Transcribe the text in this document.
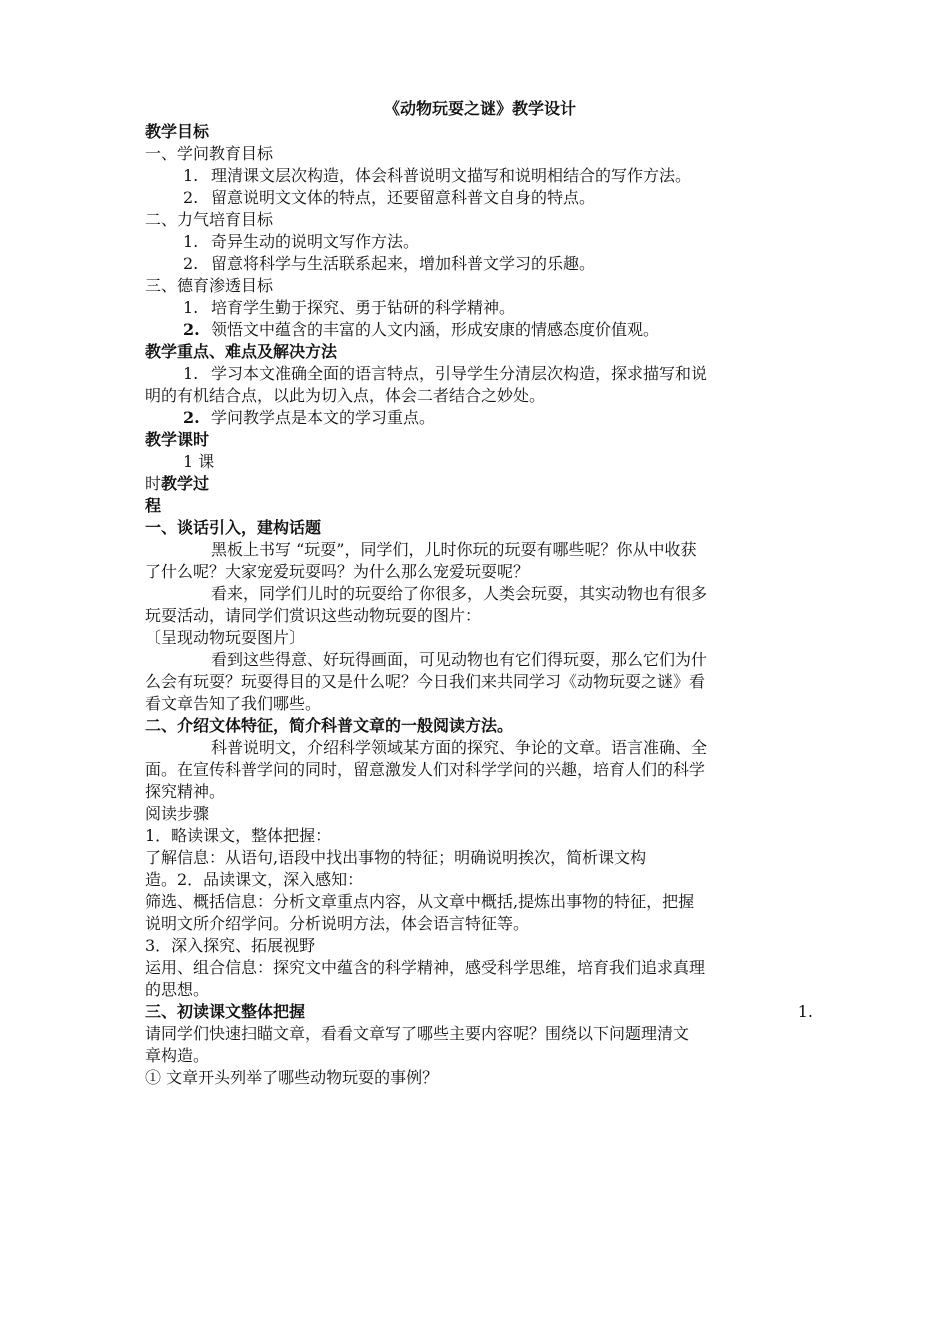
《动物玩耍之谜》教学设计
教学目标
一、学问教育目标
1. 理清课文层次构造，体会科普说明文描写和说明相结合的写作方法。
2. 留意说明文文体的特点，还要留意科普文自身的特点。
二、力气培育目标
1. 奇异生动的说明文写作方法。
2. 留意将科学与生活联系起来，增加科普文学习的乐趣。
三、德育渗透目标
1. 培育学生勤于探究、勇于钻研的科学精神。
2. 领悟文中蕴含的丰富的人文内涵，形成安康的情感态度价值观。
教学重点、难点及解决方法
1. 学习本文准确全面的语言特点，引导学生分清层次构造，探求描写和说
明的有机结合点，以此为切入点，体会二者结合之妙处。
2. 学问教学点是本文的学习重点。
教学课时
1 课
时教学过
程
一、谈话引入，建构话题
黑板上书写 “玩耍”，同学们，儿时你玩的玩耍有哪些呢？你从中收获
了什么呢？大家宠爱玩耍吗？为什么那么宠爱玩耍呢？
看来，同学们儿时的玩耍给了你很多，人类会玩耍，其实动物也有很多
玩耍活动，请同学们赏识这些动物玩耍的图片：
〔呈现动物玩耍图片〕
看到这些得意、好玩得画面，可见动物也有它们得玩耍，那么它们为什
么会有玩耍？玩耍得目的又是什么呢？今日我们来共同学习《动物玩耍之谜》看
看文章告知了我们哪些。
二、介绍文体特征，简介科普文章的一般阅读方法。
科普说明文，介绍科学领域某方面的探究、争论的文章。语言准确、全
面。在宣传科普学问的同时，留意激发人们对科学学问的兴趣，培育人们的科学
探究精神。
阅读步骤
1．略读课文，整体把握：
了解信息：从语句,语段中找出事物的特征；明确说明挨次，简析课文构
造。2．品读课文，深入感知：
筛选、概括信息：分析文章重点内容，从文章中概括,提炼出事物的特征，把握
说明文所介绍学问。分析说明方法，体会语言特征等。
3．深入探究、拓展视野
运用、组合信息：探究文中蕴含的科学精神，感受科学思维，培育我们追求真理
的思想。
三、初读课文整体把握	1.
请同学们快速扫瞄文章，看看文章写了哪些主要内容呢？围绕以下问题理清文
章构造。
① 文章开头列举了哪些动物玩耍的事例？
